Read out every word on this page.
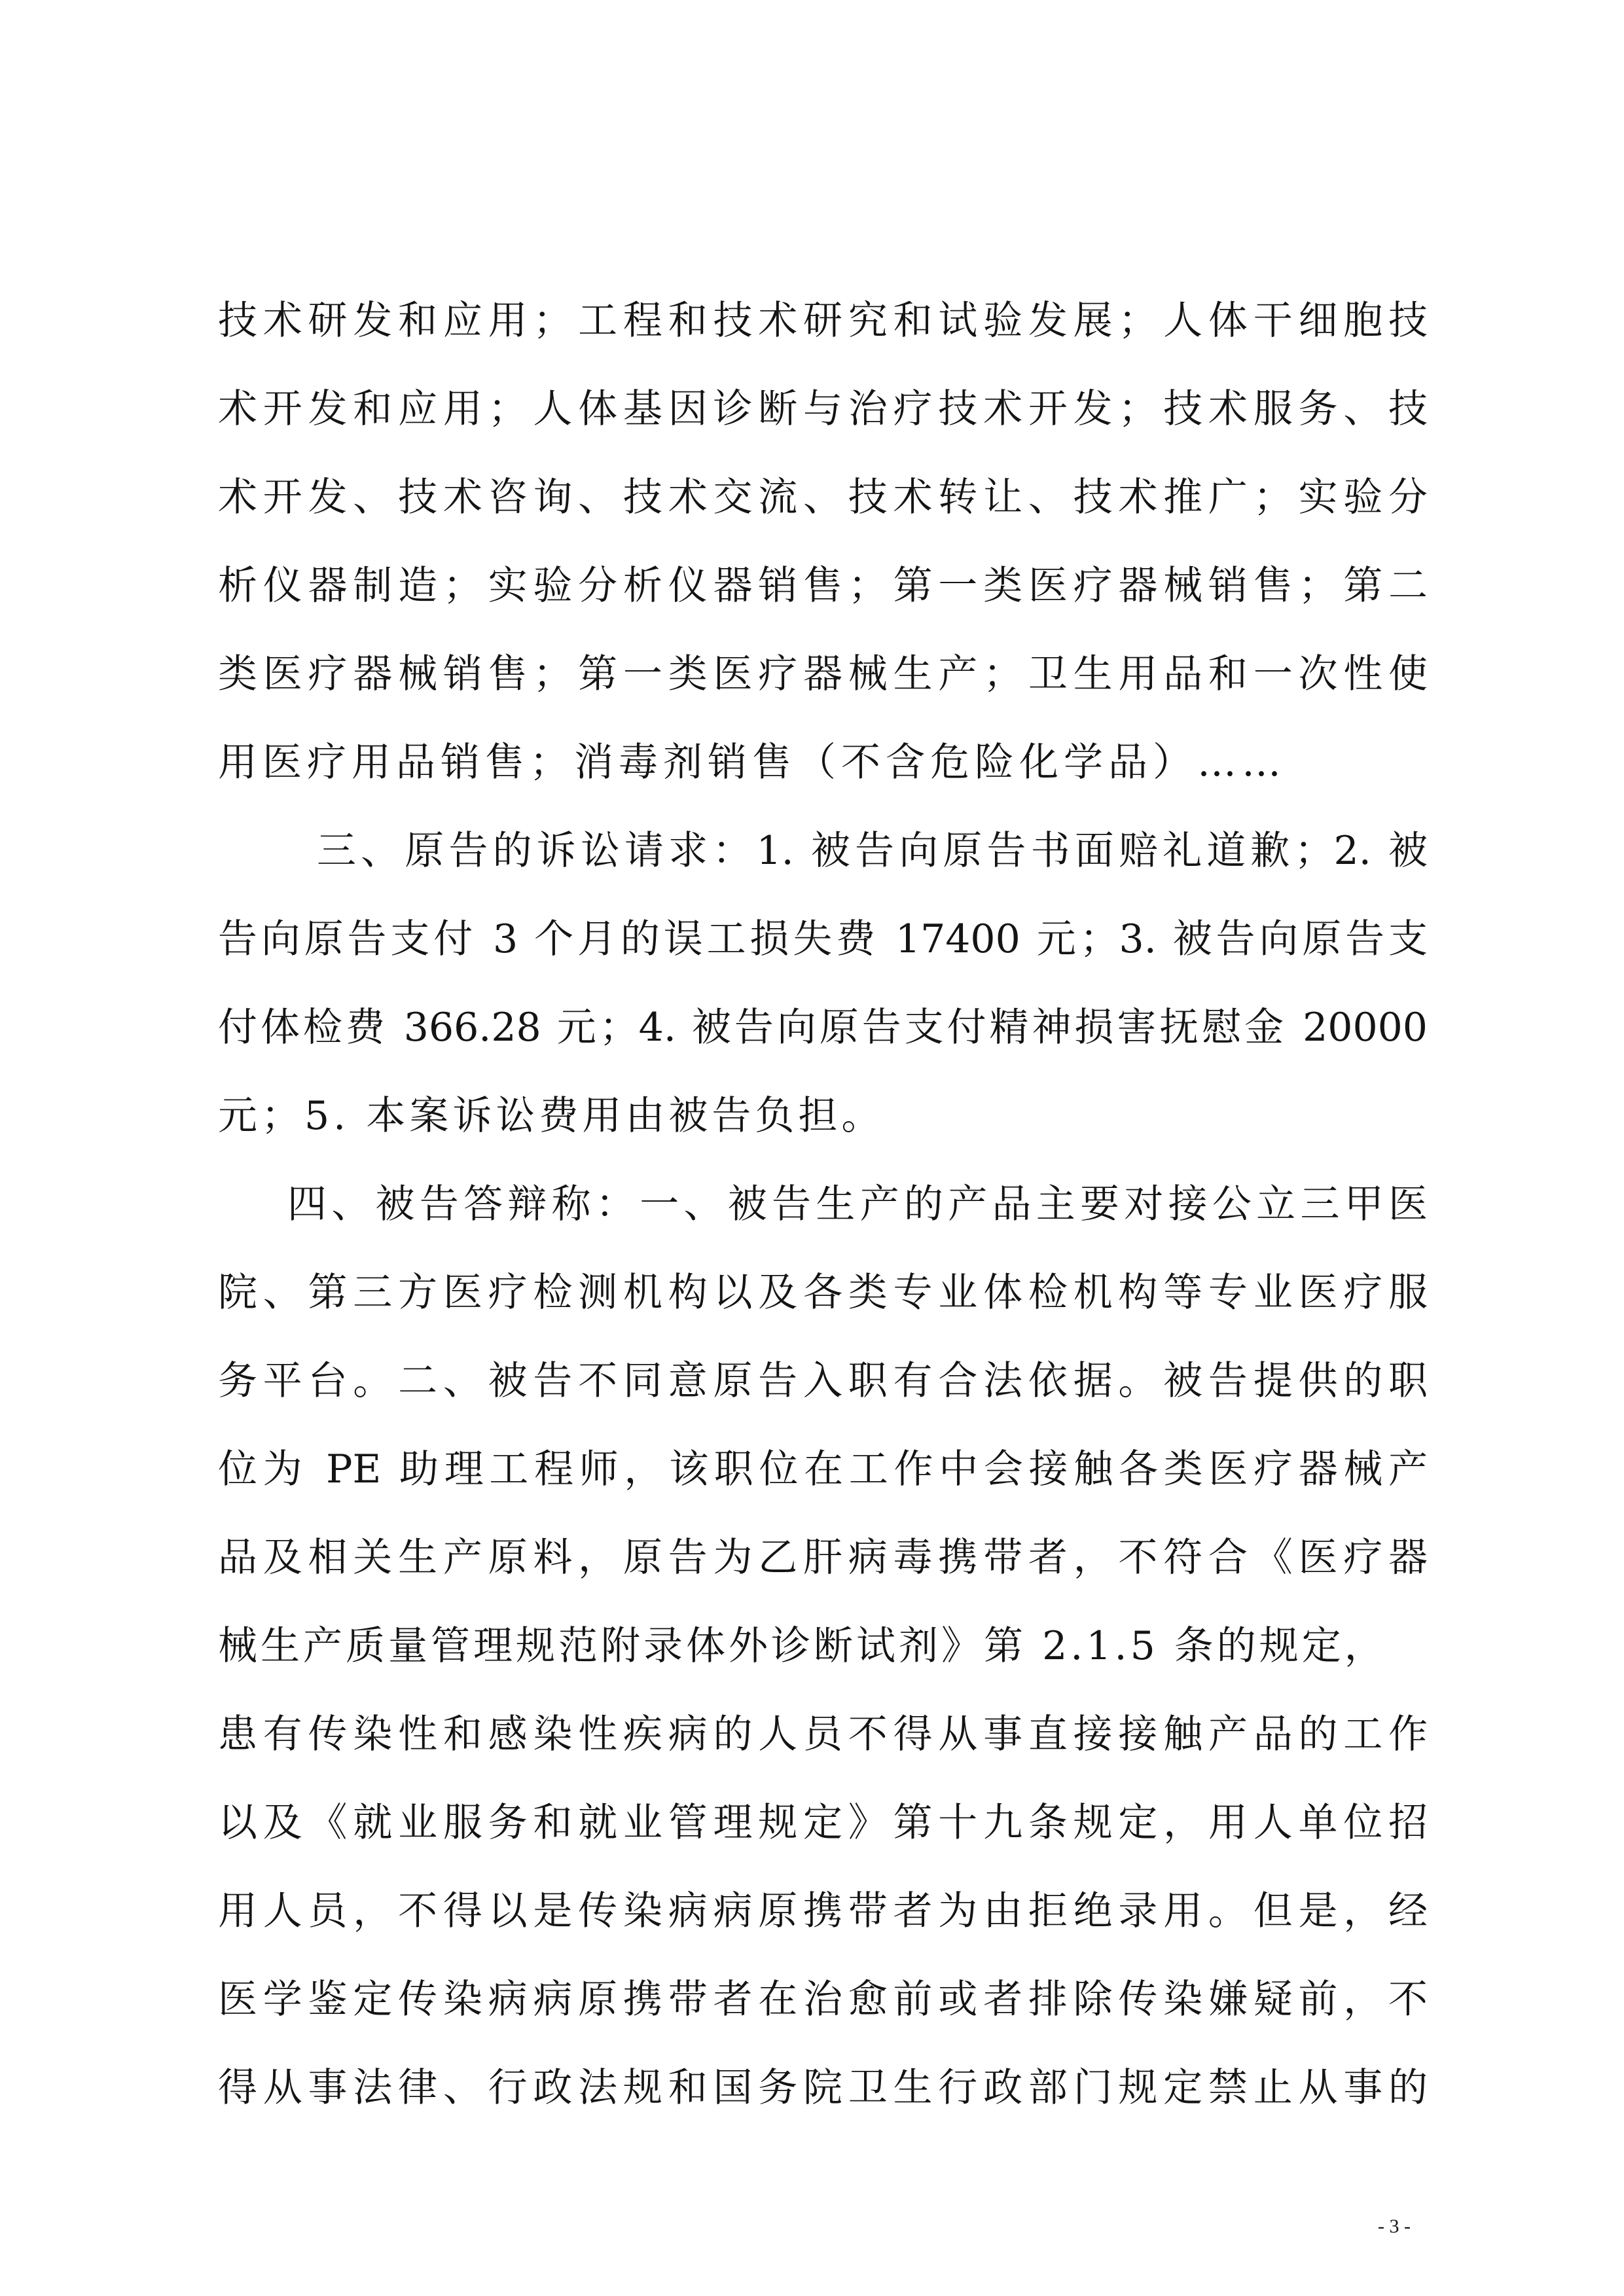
技术研发和应用；工程和技术研究和试验发展；人体干细胞技
术开发和应用；人体基因诊断与治疗技术开发；技术服务、技
术开发、技术咨询、技术交流、技术转让、技术推广；实验分
析仪器制造；实验分析仪器销售；第一类医疗器械销售；第二
类医疗器械销售；第一类医疗器械生产；卫生用品和一次性使
用医疗用品销售；消毒剂销售（不含危险化学品）……
三、原告的诉讼请求：1. 被告向原告书面赔礼道歉；2. 被
告向原告支付 3 个月的误工损失费 17400 元；3. 被告向原告支
付体检费 366.28 元；4. 被告向原告支付精神损害抚慰金 20000
元；5. 本案诉讼费用由被告负担。
四、被告答辩称：一、被告生产的产品主要对接公立三甲医
院、第三方医疗检测机构以及各类专业体检机构等专业医疗服
务平台。二、被告不同意原告入职有合法依据。被告提供的职
位为 PE 助理工程师，该职位在工作中会接触各类医疗器械产
品及相关生产原料，原告为乙肝病毒携带者，不符合《医疗器
械生产质量管理规范附录体外诊断试剂》第 2.1.5 条的规定，
患有传染性和感染性疾病的人员不得从事直接接触产品的工作
以及《就业服务和就业管理规定》第十九条规定，用人单位招
用人员，不得以是传染病病原携带者为由拒绝录用。但是，经
医学鉴定传染病病原携带者在治愈前或者排除传染嫌疑前，不
得从事法律、行政法规和国务院卫生行政部门规定禁止从事的
- 3 -
